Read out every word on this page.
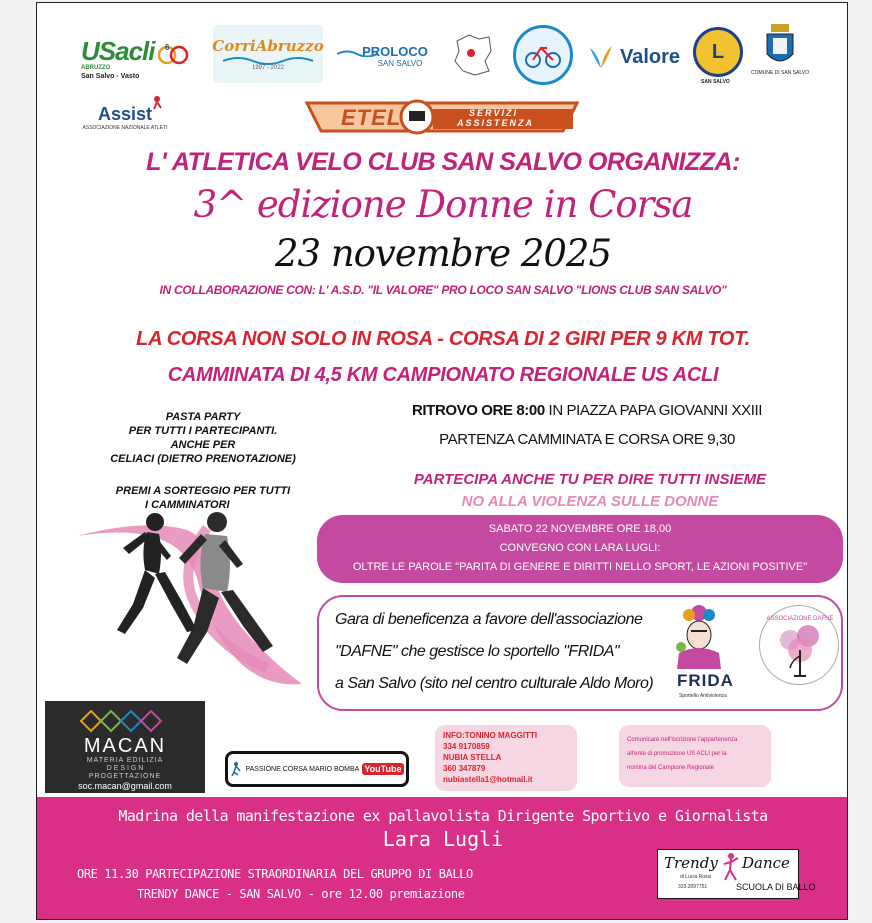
USacli 6
ABRUZZO
San Salvo - Vasto
CorriAbruzzo
1997 - 2022
PROLOCO
SAN SALVO	Valore L
SAN SALVO
COMUNE DI SAN SALVO
Assist
ASSOCIAZIONE NAZIONALE ATLETI	ETEL	SERVIZI
ASSISTENZA
L' ATLETICA VELO CLUB SAN SALVO ORGANIZZA:
3^ edizione Donne in Corsa
23 novembre 2025
IN COLLABORAZIONE CON: L' A.S.D. "IL VALORE" PRO LOCO SAN SALVO "LIONS CLUB SAN SALVO"
LA CORSA NON SOLO IN ROSA - CORSA DI 2 GIRI PER 9 KM TOT.
CAMMINATA DI 4,5 KM CAMPIONATO REGIONALE US ACLI
PASTA PARTY
PER TUTTI I PARTECIPANTI.
ANCHE PER
CELIACI (DIETRO PRENOTAZIONE)
PREMI A SORTEGGIO PER TUTTI
I CAMMINATORI
RITROVO ORE 8:00 IN PIAZZA PAPA GIOVANNI XXIII
PARTENZA CAMMINATA E CORSA ORE 9,30
PARTECIPA ANCHE TU PER DIRE TUTTI INSIEME
NO ALLA VIOLENZA SULLE DONNE
SABATO 22 NOVEMBRE ORE 18,00
CONVEGNO CON LARA LUGLI:
OLTRE LE PAROLE "PARITA DI GENERE E DIRITTI NELLO SPORT, LE AZIONI POSITIVE"
Gara di beneficenza a favore dell'associazione
"DAFNE" che gestisce lo sportello "FRIDA"
a San Salvo (sito nel centro culturale Aldo Moro) FRIDA
Sportello Antiviolenza
ASSOCIAZIONE DAFNE
MACAN
MATERIA EDILIZIA
D E S I G N
PROGETTAZIONE
soc.macan@gmail.com
PASSIONE CORSA MARIO BOMBA YouTube
INFO:TONINO MAGGITTI
334 9170859
NUBIA STELLA
360 347879
nubiastella1@hotmail.it
Comunicare nell'iscrizione l'appartenenza
all'ente di promozione US ACLI per la
nomina del Campione Regionale
Madrina della manifestazione ex pallavolista Dirigente Sportivo e Giornalista
Lara Lugli
ORE 11.30 PARTECIPAZIONE STRAORDINARIA DEL GRUPPO DI BALLO
TRENDY DANCE - SAN SALVO - ore 12.00 premiazione
Trendy Dance
di Lucia Rossi
333.2097751	SCUOLA DI BALLO
